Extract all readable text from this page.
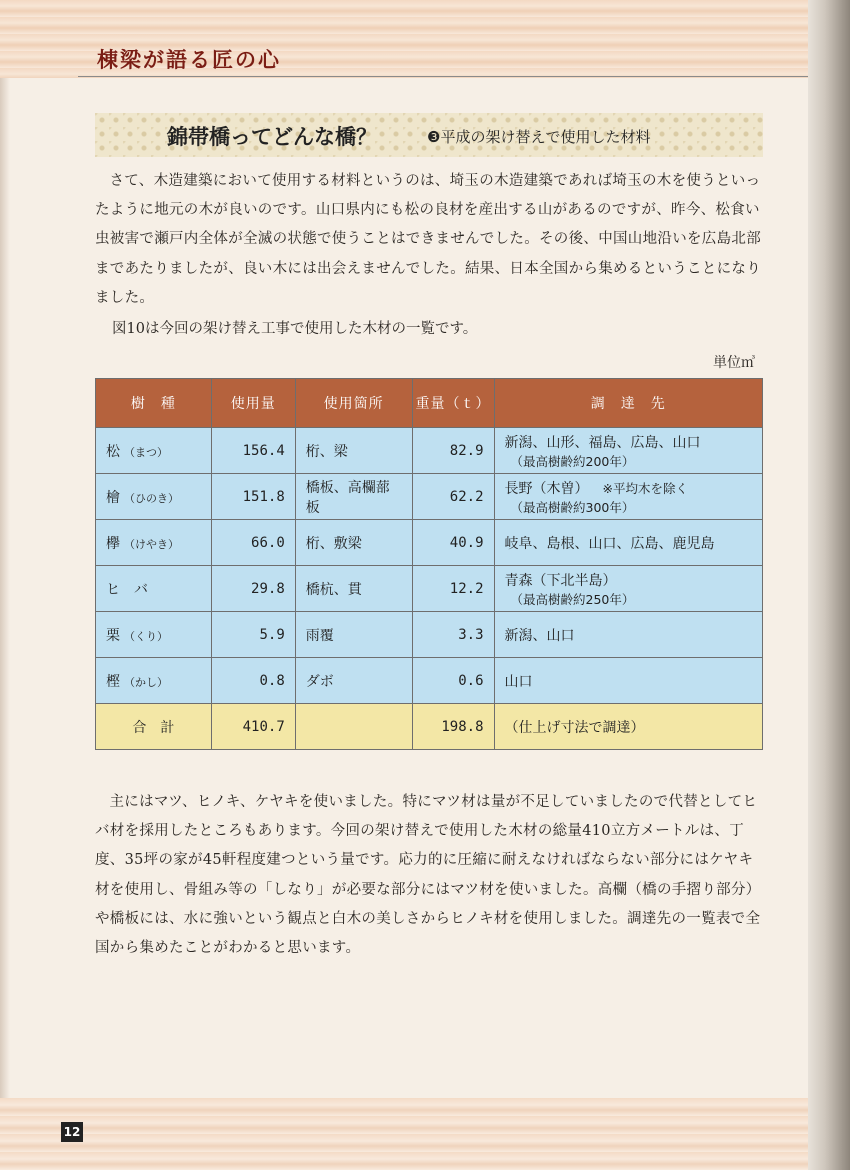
棟梁が語る匠の心
錦帯橋ってどんな橋？	❸平成の架け替えで使用した材料

さて、木造建築において使用する材料というのは、埼玉の木造建築であれば埼玉の木を使うといったように地元の木が良いのです。山口県内にも松の良材を産出する山があるのですが、昨今、松食い虫被害で瀬戸内全体が全滅の状態で使うことはできませんでした。その後、中国山地沿いを広島北部まであたりましたが、良い木には出会えませんでした。結果、日本全国から集めるということになりました。

図10は今回の架け替え工事で使用した木材の一覧です。
単位㎥
樹　種	使用量	使用箇所	重量（ｔ）	調　達　先
松 （まつ）	156.4	桁、梁	82.9	新潟、山形、福島、広島、山口
（最高樹齢約200年）

檜 （ひのき）	151.8	橋板、高欄蔀板	62.2	長野（木曽） ※平均木を除く
（最高樹齢約300年）

欅 （けやき）	66.0	桁、敷梁	40.9	岐阜、島根、山口、広島、鹿児島
ヒ　バ	29.8	橋杭、貫	12.2	青森（下北半島）
（最高樹齢約250年）

栗 （くり）	5.9	雨覆	3.3	新潟、山口
樫 （かし）	0.8	ダボ	0.6	山口
合　計	410.7		198.8	（仕上げ寸法で調達）

主にはマツ、ヒノキ、ケヤキを使いました。特にマツ材は量が不足していましたので代替としてヒバ材を採用したところもあります。今回の架け替えで使用した木材の総量410立方メートルは、丁度、35坪の家が45軒程度建つという量です。応力的に圧縮に耐えなければならない部分にはケヤキ材を使用し、骨組み等の「しなり」が必要な部分にはマツ材を使いました。高欄（橋の手摺り部分）や橋板には、水に強いという観点と白木の美しさからヒノキ材を使用しました。調達先の一覧表で全国から集めたことがわかると思います。

12
